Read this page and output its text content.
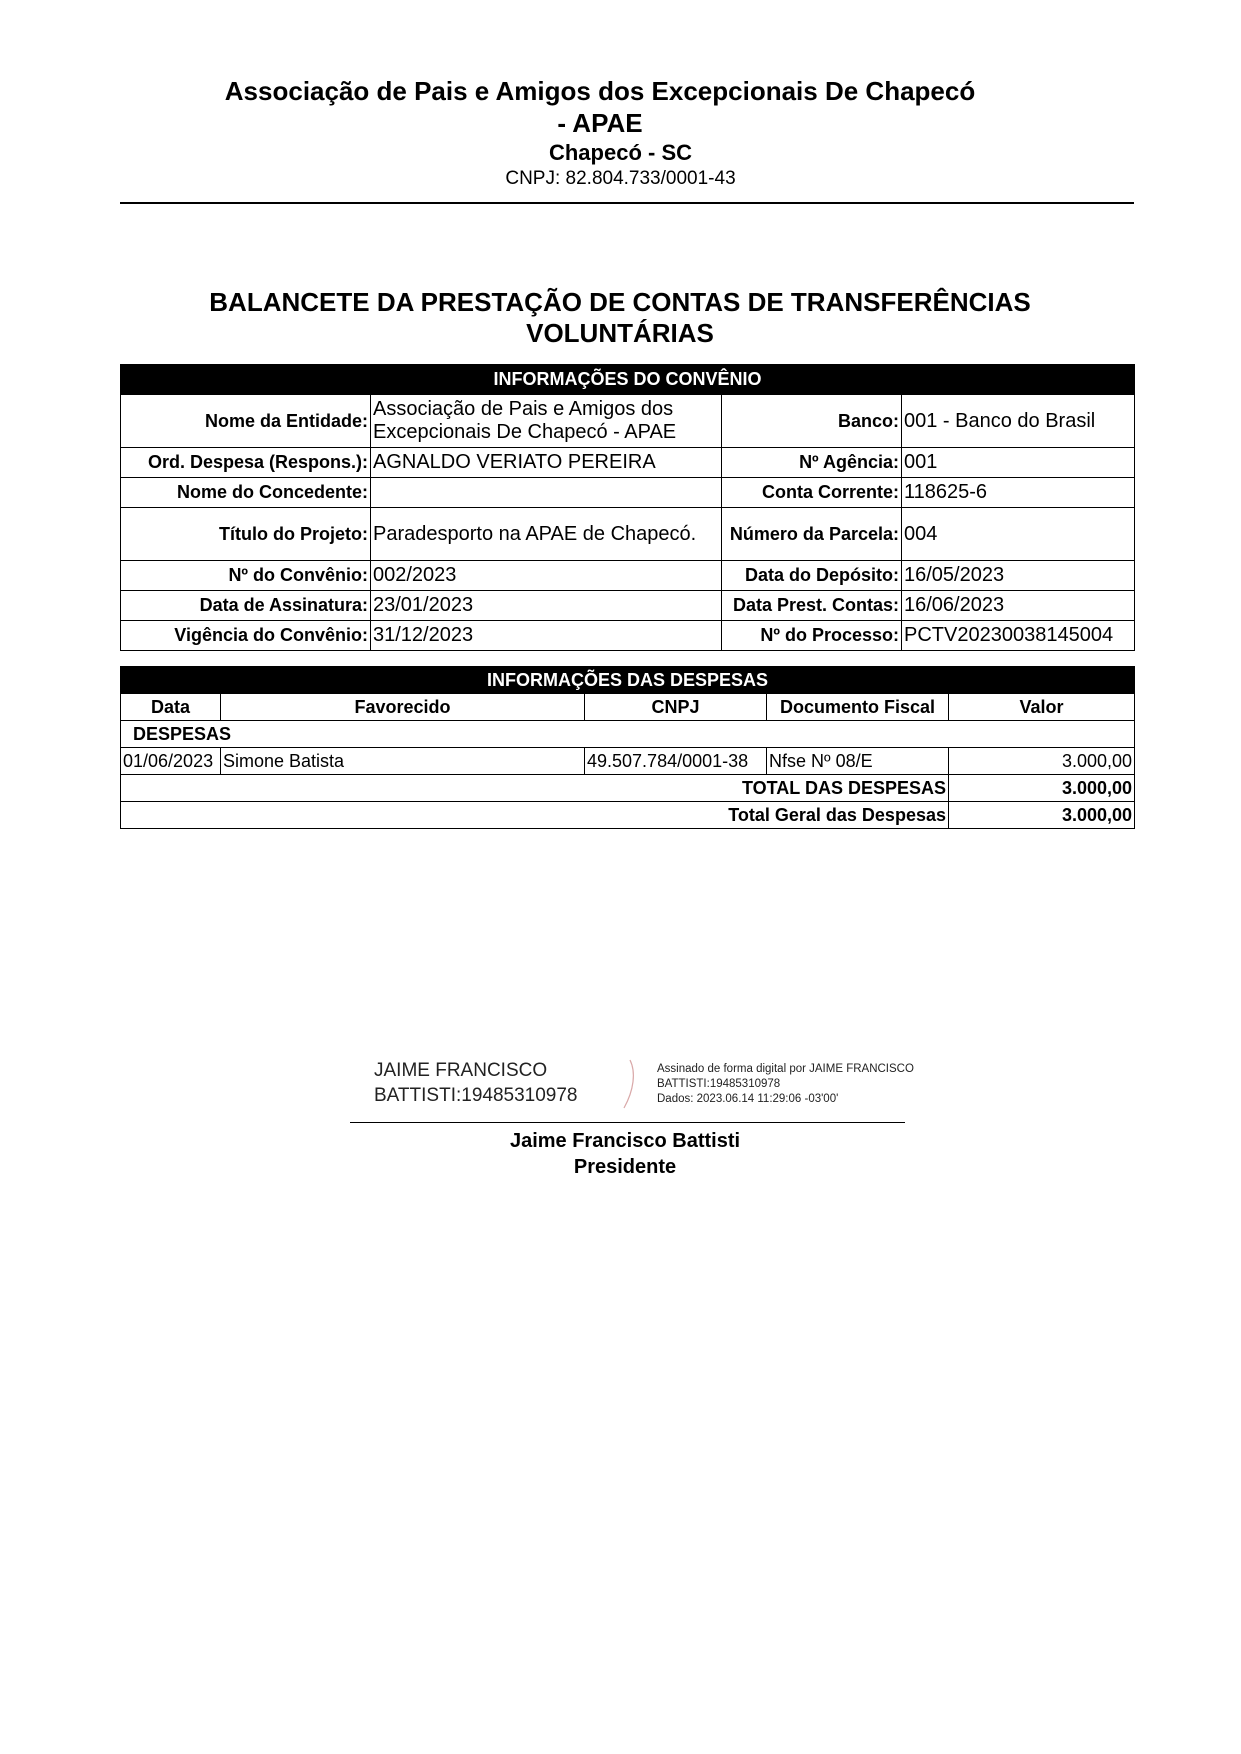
Associação de Pais e Amigos dos Excepcionais De Chapecó - APAE
Chapecó - SC
CNPJ: 82.804.733/0001-43
BALANCETE DA PRESTAÇÃO DE CONTAS DE TRANSFERÊNCIAS VOLUNTÁRIAS
INFORMAÇÕES DO CONVÊNIO			
Nome da Entidade:	Associação de Pais e Amigos dos Excepcionais De Chapecó - APAE	Banco:	001 - Banco do Brasil
Ord. Despesa (Respons.):	AGNALDO VERIATO PEREIRA	Nº Agência:	001
Nome do Concedente:		Conta Corrente:	118625-6
Título do Projeto:	Paradesporto na APAE de Chapecó.	Número da Parcela:	004
Nº do Convênio:	002/2023	Data do Depósito:	16/05/2023
Data de Assinatura:	23/01/2023	Data Prest. Contas:	16/06/2023
Vigência do Convênio:	31/12/2023	Nº do Processo:	PCTV20230038145004
INFORMAÇÕES DAS DESPESAS				
Data	Favorecido	CNPJ	Documento Fiscal	Valor
DESPESAS				
01/06/2023	Simone Batista	49.507.784/0001-38	Nfse Nº 08/E	3.000,00
TOTAL DAS DESPESAS				3.000,00
Total Geral das Despesas				3.000,00
JAIME FRANCISCO
BATTISTI:19485310978
Assinado de forma digital por JAIME FRANCISCO
BATTISTI:19485310978
Dados: 2023.06.14 11:29:06 -03'00'
Jaime Francisco Battisti
Presidente
